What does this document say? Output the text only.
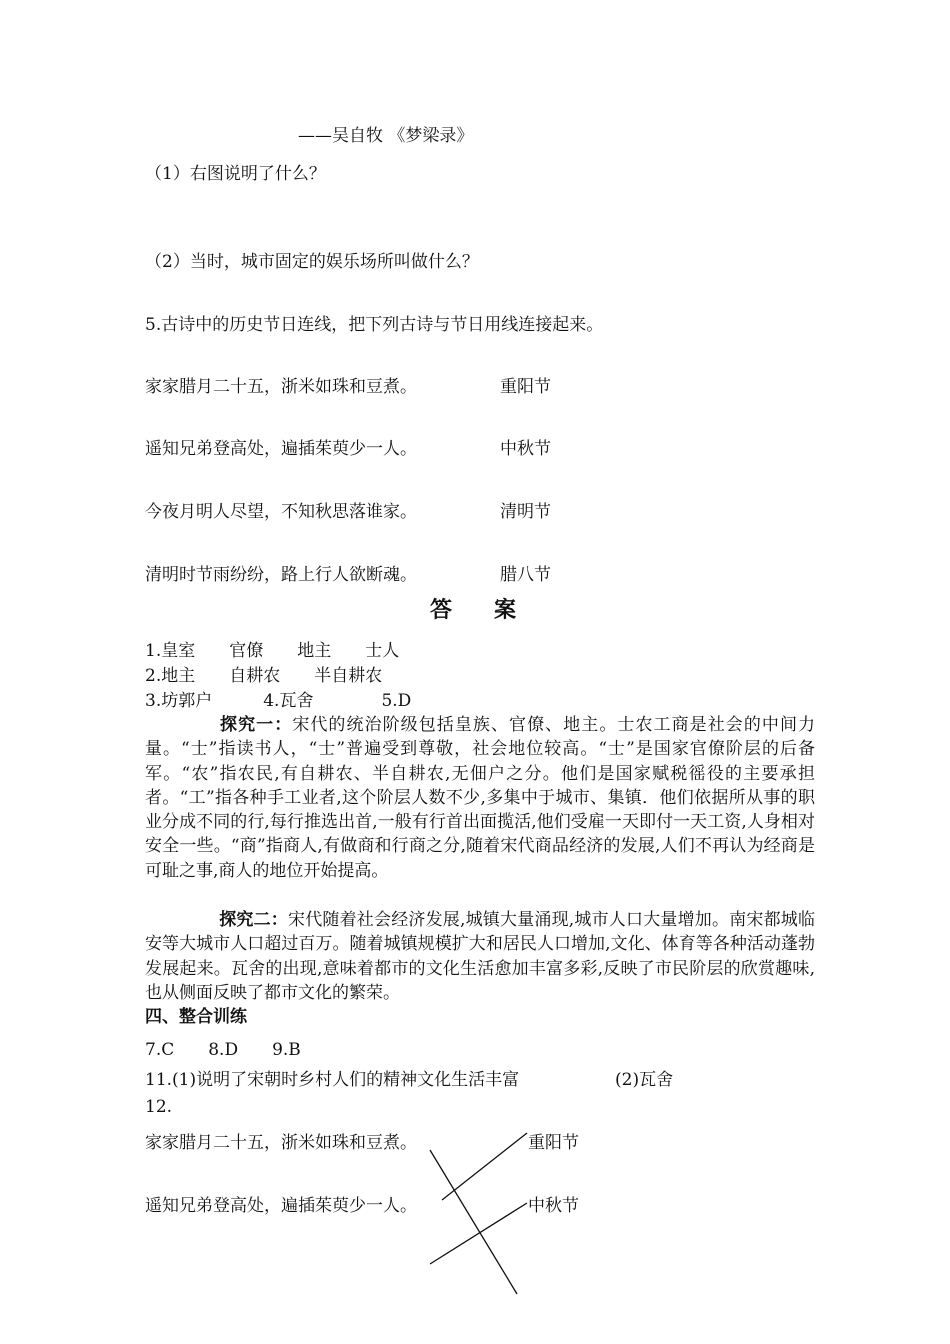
——吴自牧 《梦梁录》
（1）右图说明了什么？
（2）当时，城市固定的娱乐场所叫做什么？
5.古诗中的历史节日连线，把下列古诗与节日用线连接起来。
家家腊月二十五，浙米如珠和豆煮。	重阳节
遥知兄弟登高处，遍插茱萸少一人。	中秋节
今夜月明人尽望，不知秋思落谁家。	清明节
清明时节雨纷纷，路上行人欲断魂。	腊八节
答案
1.皇室　　官僚　　地主　　士人
2.地主　　自耕农　　半自耕农
3.坊郭户　　　4.瓦舍　　　　5.D
探究一：宋代的统治阶级包括皇族、官僚、地主。士农工商是社会的中间力量。“士”指读书人，“士”普遍受到尊敬，社会地位较高。“士”是国家官僚阶层的后备军。“农”指农民,有自耕农、半自耕农,无佃户之分。他们是国家赋税徭役的主要承担者。“工”指各种手工业者,这个阶层人数不少,多集中于城市、集镇．他们依据所从事的职业分成不同的行,每行推选出首,一般有行首出面揽活,他们受雇一天即付一天工资,人身相对安全一些。“商”指商人,有做商和行商之分,随着宋代商品经济的发展,人们不再认为经商是可耻之事,商人的地位开始提高。
探究二：宋代随着社会经济发展,城镇大量涌现,城市人口大量增加。南宋都城临安等大城市人口超过百万。随着城镇规模扩大和居民人口增加,文化、体育等各种活动蓬勃发展起来。瓦舍的出现,意味着都市的文化生活愈加丰富多彩,反映了市民阶层的欣赏趣味,也从侧面反映了都市文化的繁荣。
四、整合训练
7.C　　8.D　　9.B
11.(1)说明了宋朝时乡村人们的精神文化生活丰富	(2)瓦舍
12.
家家腊月二十五，浙米如珠和豆煮。	重阳节
遥知兄弟登高处，遍插茱萸少一人。	中秋节
